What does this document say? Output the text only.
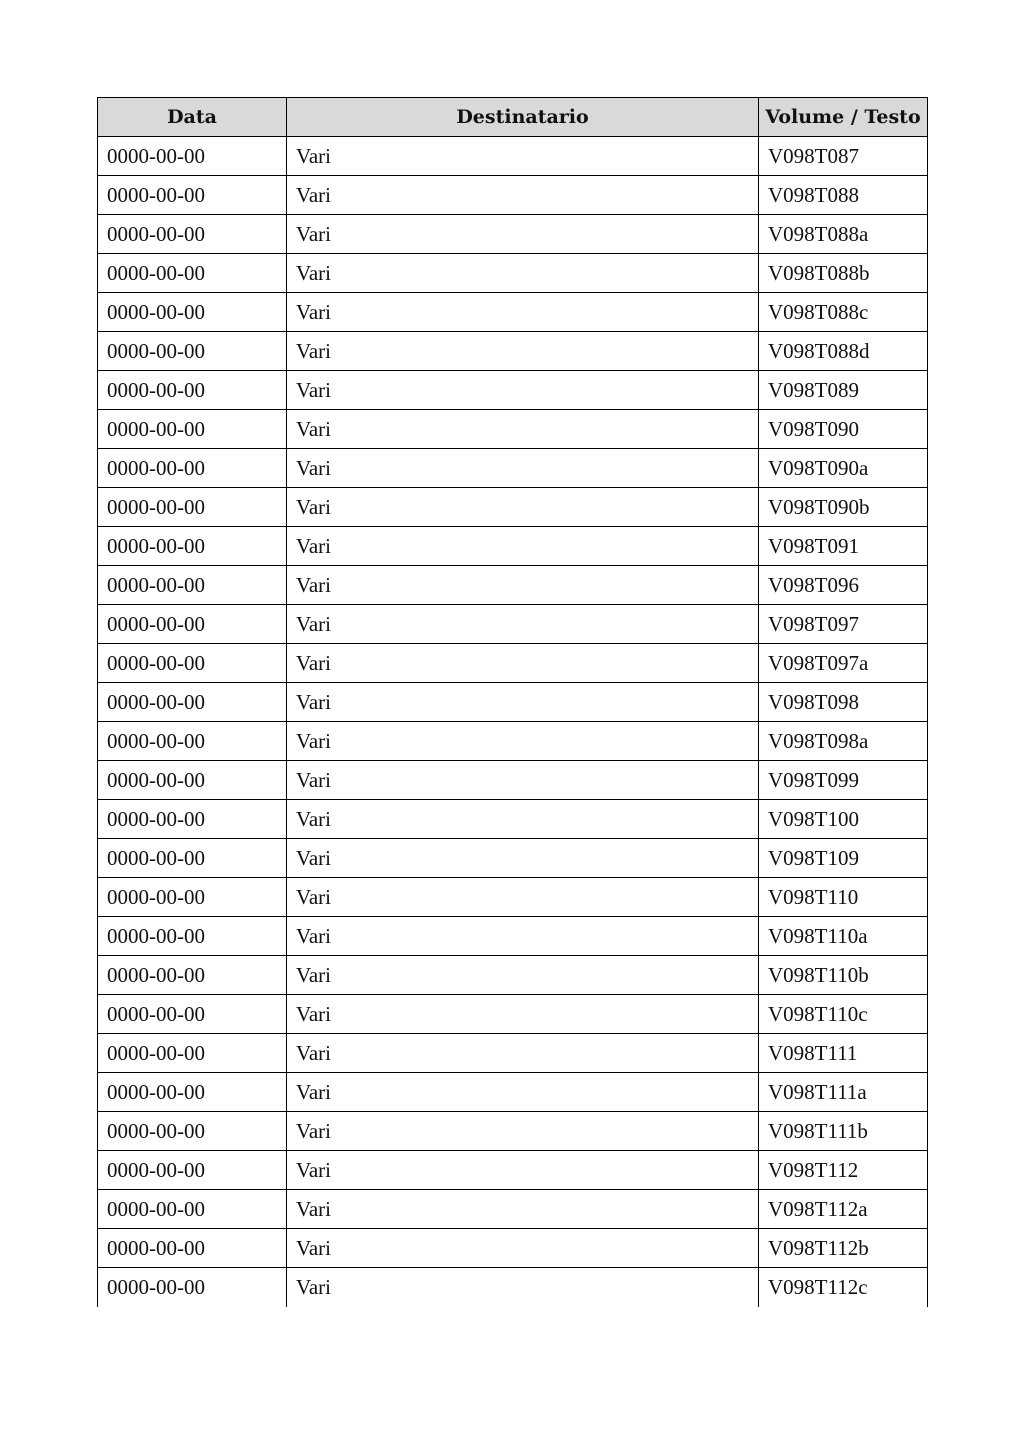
Data	Destinatario	Volume / Testo
0000-00-00	Vari	V098T087
0000-00-00	Vari	V098T088
0000-00-00	Vari	V098T088a
0000-00-00	Vari	V098T088b
0000-00-00	Vari	V098T088c
0000-00-00	Vari	V098T088d
0000-00-00	Vari	V098T089
0000-00-00	Vari	V098T090
0000-00-00	Vari	V098T090a
0000-00-00	Vari	V098T090b
0000-00-00	Vari	V098T091
0000-00-00	Vari	V098T096
0000-00-00	Vari	V098T097
0000-00-00	Vari	V098T097a
0000-00-00	Vari	V098T098
0000-00-00	Vari	V098T098a
0000-00-00	Vari	V098T099
0000-00-00	Vari	V098T100
0000-00-00	Vari	V098T109
0000-00-00	Vari	V098T110
0000-00-00	Vari	V098T110a
0000-00-00	Vari	V098T110b
0000-00-00	Vari	V098T110c
0000-00-00	Vari	V098T111
0000-00-00	Vari	V098T111a
0000-00-00	Vari	V098T111b
0000-00-00	Vari	V098T112
0000-00-00	Vari	V098T112a
0000-00-00	Vari	V098T112b
0000-00-00	Vari	V098T112c
